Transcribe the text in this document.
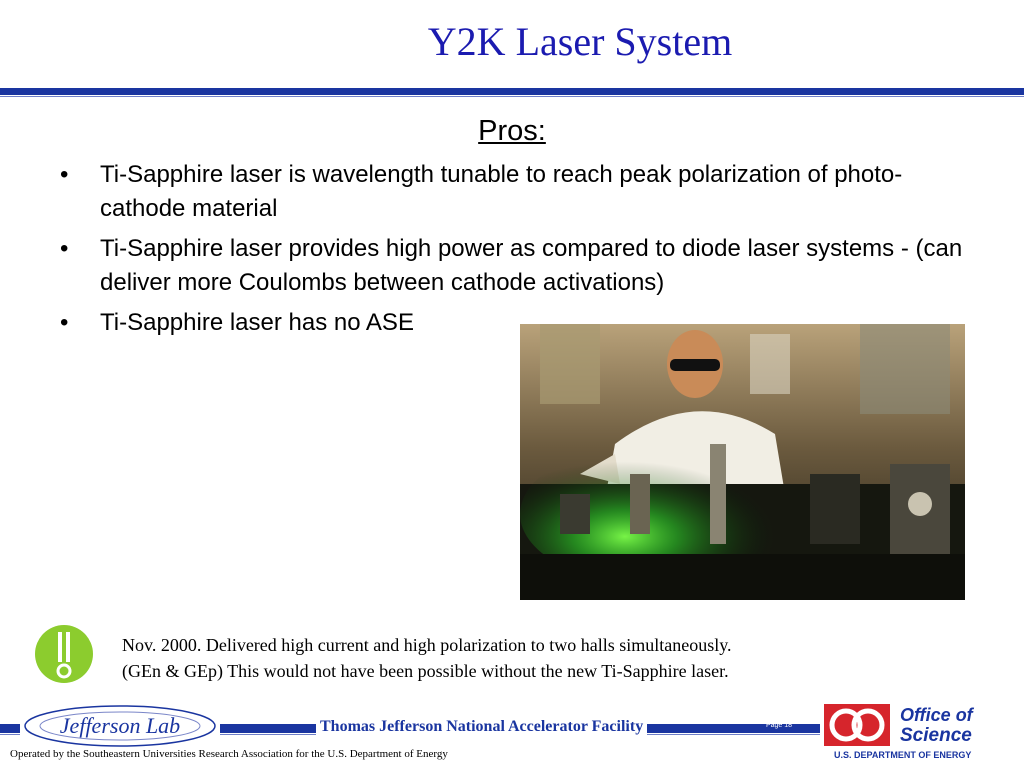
Y2K Laser System
Pros:
• Ti-Sapphire laser is wavelength tunable to reach peak polarization of photo-cathode material
• Ti-Sapphire laser provides high power as compared to diode laser systems - (can deliver more Coulombs between cathode activations)
• Ti-Sapphire laser has no ASE
Nov. 2000. Delivered high current and high polarization to two halls simultaneously.
(GEn & GEp) This would not have been possible without the new Ti-Sapphire laser.
Jefferson Lab	Thomas Jefferson National Accelerator Facility	Page 18
Office of
Science
U.S. DEPARTMENT OF ENERGY
Operated by the Southeastern Universities Research Association for the U.S. Department of Energy
